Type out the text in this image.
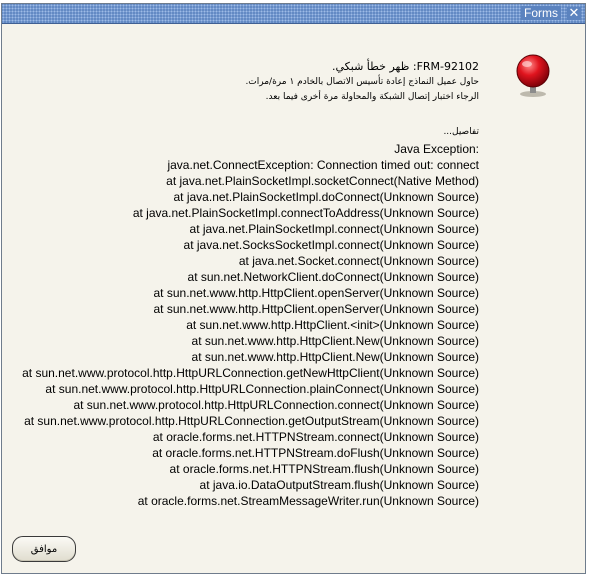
Forms ✕
FRM-92102: ظهر خطأ شبكي.
حاول عميل النماذج إعادة تأسيس الاتصال بالخادم ١ مرة/مرات.
الرجاء اختبار إتصال الشبكة والمحاولة مرة أخرى فيما بعد.
تفاصيل...
Java Exception:
java.net.ConnectException: Connection timed out: connect
at java.net.PlainSocketImpl.socketConnect(Native Method)
at java.net.PlainSocketImpl.doConnect(Unknown Source)
at java.net.PlainSocketImpl.connectToAddress(Unknown Source)
at java.net.PlainSocketImpl.connect(Unknown Source)
at java.net.SocksSocketImpl.connect(Unknown Source)
at java.net.Socket.connect(Unknown Source)
at sun.net.NetworkClient.doConnect(Unknown Source)
at sun.net.www.http.HttpClient.openServer(Unknown Source)
at sun.net.www.http.HttpClient.openServer(Unknown Source)
at sun.net.www.http.HttpClient.<init>(Unknown Source)
at sun.net.www.http.HttpClient.New(Unknown Source)
at sun.net.www.http.HttpClient.New(Unknown Source)
at sun.net.www.protocol.http.HttpURLConnection.getNewHttpClient(Unknown Source)
at sun.net.www.protocol.http.HttpURLConnection.plainConnect(Unknown Source)
at sun.net.www.protocol.http.HttpURLConnection.connect(Unknown Source)
at sun.net.www.protocol.http.HttpURLConnection.getOutputStream(Unknown Source)
at oracle.forms.net.HTTPNStream.connect(Unknown Source)
at oracle.forms.net.HTTPNStream.doFlush(Unknown Source)
at oracle.forms.net.HTTPNStream.flush(Unknown Source)
at java.io.DataOutputStream.flush(Unknown Source)
at oracle.forms.net.StreamMessageWriter.run(Unknown Source)
موافق
